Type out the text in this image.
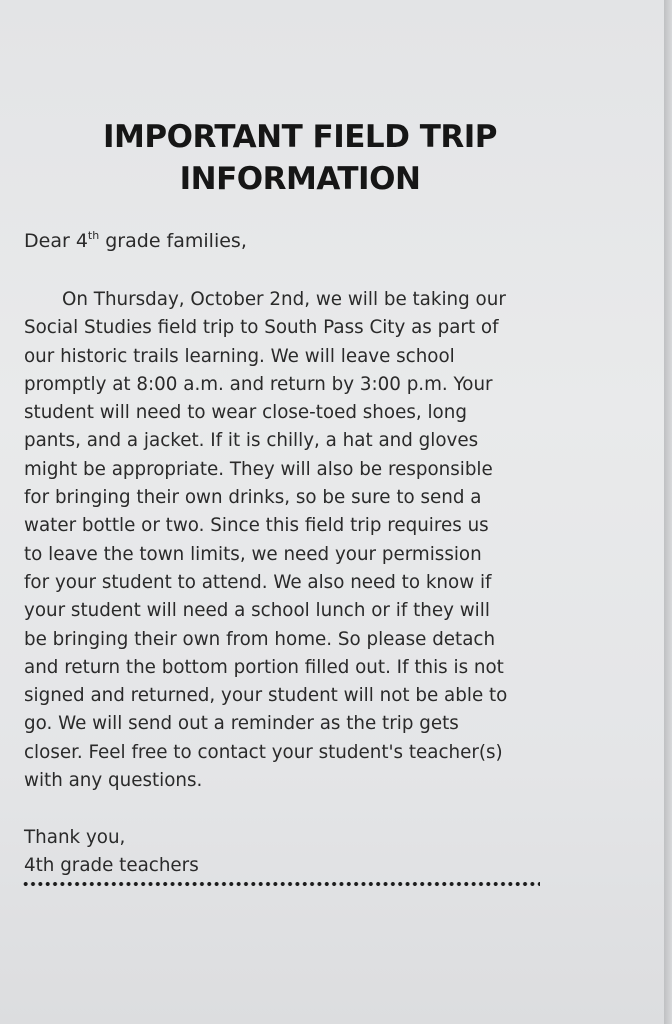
IMPORTANT FIELD TRIP
INFORMATION
Dear 4th grade families,
On Thursday, October 2nd, we will be taking our
Social Studies field trip to South Pass City as part of
our historic trails learning. We will leave school
promptly at 8:00 a.m. and return by 3:00 p.m. Your
student will need to wear close-toed shoes, long
pants, and a jacket. If it is chilly, a hat and gloves
might be appropriate. They will also be responsible
for bringing their own drinks, so be sure to send a
water bottle or two. Since this field trip requires us
to leave the town limits, we need your permission
for your student to attend. We also need to know if
your student will need a school lunch or if they will
be bringing their own from home. So please detach
and return the bottom portion filled out. If this is not
signed and returned, your student will not be able to
go. We will send out a reminder as the trip gets
closer. Feel free to contact your student's teacher(s)
with any questions.
Thank you,
4th grade teachers
